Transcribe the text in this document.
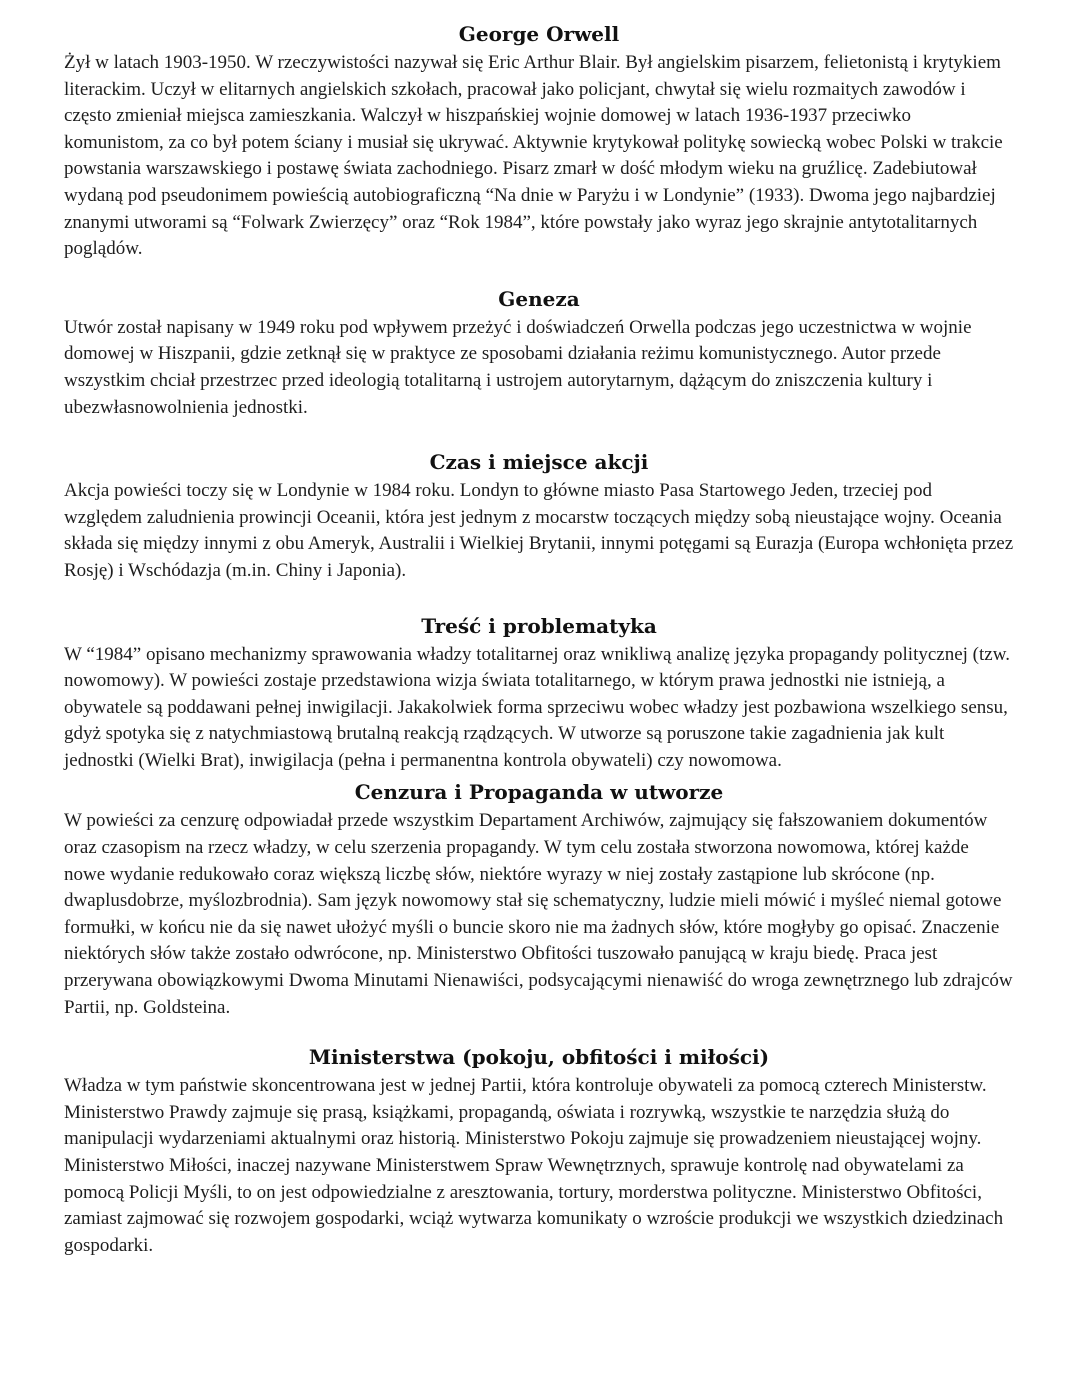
George Orwell

Żył w latach 1903-1950. W rzeczywistości nazywał się Eric Arthur Blair. Był angielskim pisarzem, felietonistą i krytykiem literackim. Uczył w elitarnych angielskich szkołach, pracował jako policjant, chwytał się wielu rozmaitych zawodów i często zmieniał miejsca zamieszkania. Walczył w hiszpańskiej wojnie domowej w latach 1936-1937 przeciwko komunistom, za co był potem ściany i musiał się ukrywać. Aktywnie krytykował politykę sowiecką wobec Polski w trakcie powstania warszawskiego i postawę świata zachodniego. Pisarz zmarł w dość młodym wieku na gruźlicę. Zadebiutował wydaną pod pseudonimem powieścią autobiograficzną “Na dnie w Paryżu i w Londynie” (1933). Dwoma jego najbardziej znanymi utworami są “Folwark Zwierzęcy” oraz “Rok 1984”, które powstały jako wyraz jego skrajnie antytotalitarnych poglądów.

Geneza

Utwór został napisany w 1949 roku pod wpływem przeżyć i doświadczeń Orwella podczas jego uczestnictwa w wojnie domowej w Hiszpanii, gdzie zetknął się w praktyce ze sposobami działania reżimu komunistycznego. Autor przede wszystkim chciał przestrzec przed ideologią totalitarną i ustrojem autorytarnym, dążącym do zniszczenia kultury i ubezwłasnowolnienia jednostki.

Czas i miejsce akcji

Akcja powieści toczy się w Londynie w 1984 roku. Londyn to główne miasto Pasa Startowego Jeden, trzeciej pod względem zaludnienia prowincji Oceanii, która jest jednym z mocarstw toczących między sobą nieustające wojny. Oceania składa się między innymi z obu Ameryk, Australii i Wielkiej Brytanii, innymi potęgami są Eurazja (Europa wchłonięta przez Rosję) i Wschódazja (m.in. Chiny i Japonia).

Treść i problematyka

W “1984” opisano mechanizmy sprawowania władzy totalitarnej oraz wnikliwą analizę języka propagandy politycznej (tzw. nowomowy). W powieści zostaje przedstawiona wizja świata totalitarnego, w którym prawa jednostki nie istnieją, a obywatele są poddawani pełnej inwigilacji. Jakakolwiek forma sprzeciwu wobec władzy jest pozbawiona wszelkiego sensu, gdyż spotyka się z natychmiastową brutalną reakcją rządzących. W utworze są poruszone takie zagadnienia jak kult jednostki (Wielki Brat), inwigilacja (pełna i permanentna kontrola obywateli) czy nowomowa.

Cenzura i Propaganda w utworze

W powieści za cenzurę odpowiadał przede wszystkim Departament Archiwów, zajmujący się fałszowaniem dokumentów oraz czasopism na rzecz władzy, w celu szerzenia propagandy. W tym celu została stworzona nowomowa, której każde nowe wydanie redukowało coraz większą liczbę słów, niektóre wyrazy w niej zostały zastąpione lub skrócone (np. dwaplusdobrze, myślozbrodnia). Sam język nowomowy stał się schematyczny, ludzie mieli mówić i myśleć niemal gotowe formułki, w końcu nie da się nawet ułożyć myśli o buncie skoro nie ma żadnych słów, które mogłyby go opisać. Znaczenie niektórych słów także zostało odwrócone, np. Ministerstwo Obfitości tuszowało panującą w kraju biedę. Praca jest przerywana obowiązkowymi Dwoma Minutami Nienawiści, podsycającymi nienawiść do wroga zewnętrznego lub zdrajców Partii, np. Goldsteina.

Ministerstwa (pokoju, obfitości i miłości)

Władza w tym państwie skoncentrowana jest w jednej Partii, która kontroluje obywateli za pomocą czterech Ministerstw. Ministerstwo Prawdy zajmuje się prasą, książkami, propagandą, oświata i rozrywką, wszystkie te narzędzia służą do manipulacji wydarzeniami aktualnymi oraz historią. Ministerstwo Pokoju zajmuje się prowadzeniem nieustającej wojny. Ministerstwo Miłości, inaczej nazywane Ministerstwem Spraw Wewnętrznych, sprawuje kontrolę nad obywatelami za pomocą Policji Myśli, to on jest odpowiedzialne z aresztowania, tortury, morderstwa polityczne. Ministerstwo Obfitości, zamiast zajmować się rozwojem gospodarki, wciąż wytwarza komunikaty o wzroście produkcji we wszystkich dziedzinach gospodarki.
